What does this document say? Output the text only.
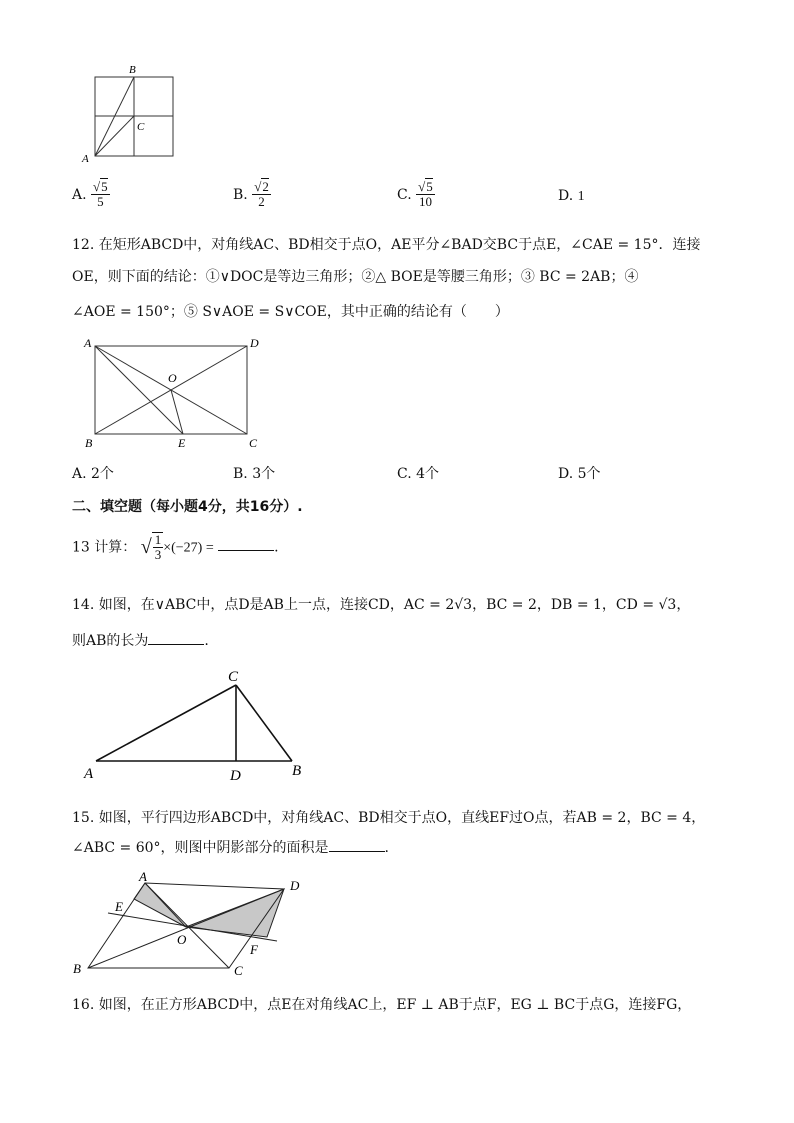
B
C
A
A. $\frac{√5}{5}$	B. $\frac{√2}{2}$	C. $\frac{√5}{10}$	D. 1
12. 在矩形ABCD中，对角线AC、BD相交于点O，AE平分∠BAD交BC于点E，∠CAE = 15°．连接
OE，则下面的结论：①∨DOC是等边三角形；②△ BOE是等腰三角形；③ BC = 2AB；④
∠AOE = 150°；⑤ S∨AOE = S∨COE，其中正确的结论有（　　）
A	D
O
B	E	C
A. 2个	B. 3个	C. 4个	D. 5个
二、填空题（每小题4分，共16分）.
13 计算： √ $\frac{1}{3} \times(-27)$ =	.
14. 如图，在∨ABC中，点D是AB上一点，连接CD，AC = 2√3，BC = 2，DB = 1，CD = √3，
则AB的长为	.
C
A	D	B
15. 如图，平行四边形ABCD中，对角线AC、BD相交于点O，直线EF过O点，若AB = 2，BC = 4，
∠ABC = 60°，则图中阴影部分的面积是	.
A
D
E
O
F
B	C
16. 如图，在正方形ABCD中，点E在对角线AC上，EF ⊥ AB于点F，EG ⊥ BC于点G，连接FG，
